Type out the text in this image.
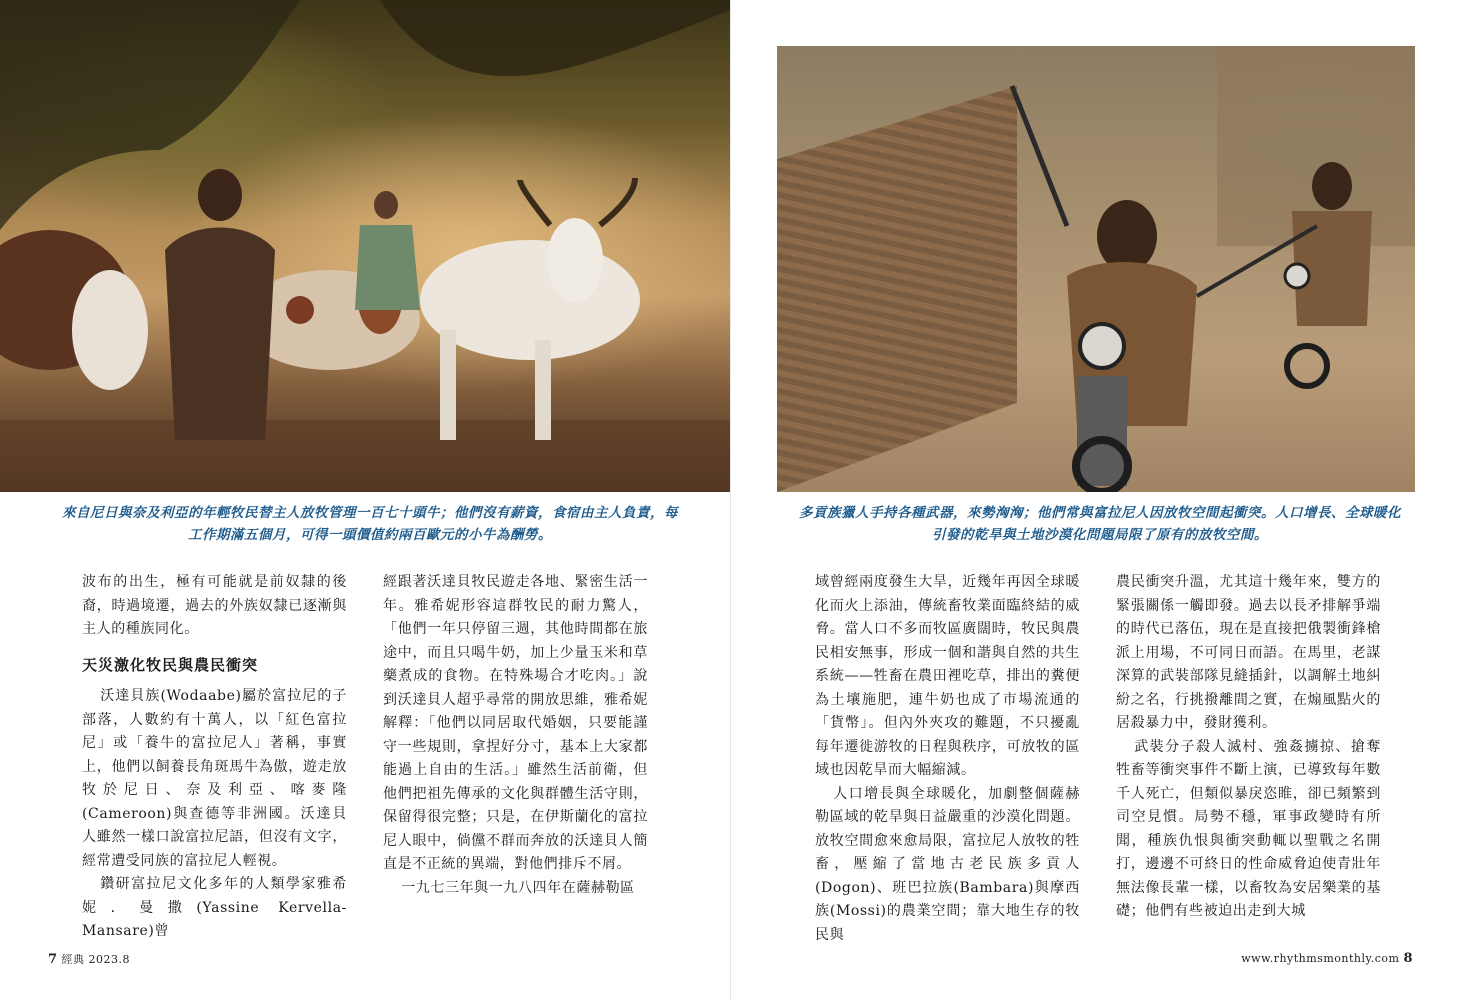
來自尼日與奈及利亞的年輕牧民替主人放牧管理一百七十頭牛；他們沒有薪資，食宿由主人負責，每工作期滿五個月，可得一頭價值約兩百歐元的小牛為酬勞。
多貢族獵人手持各種武器，來勢洶洶；他們常與富拉尼人因放牧空間起衝突。人口增長、全球暖化引發的乾旱與土地沙漠化問題局限了原有的放牧空間。

波布的出生，極有可能就是前奴隸的後裔，時過境遷，過去的外族奴隸已逐漸與主人的種族同化。

天災激化牧民與農民衝突

沃達貝族(Wodaabe)屬於富拉尼的子部落，人數約有十萬人，以「紅色富拉尼」或「養牛的富拉尼人」著稱，事實上，他們以飼養長角斑馬牛為傲，遊走放牧於尼日、奈及利亞、喀麥隆(Cameroon)與查德等非洲國。沃達貝人雖然一樣口說富拉尼語，但沒有文字，經常遭受同族的富拉尼人輕視。

鑽研富拉尼文化多年的人類學家雅希妮．曼撒(Yassine Kervella-Mansare)曾

經跟著沃達貝牧民遊走各地、緊密生活一年。雅希妮形容這群牧民的耐力驚人，「他們一年只停留三週，其他時間都在旅途中，而且只喝牛奶，加上少量玉米和草藥煮成的食物。在特殊場合才吃肉。」說到沃達貝人超乎尋常的開放思維，雅希妮解釋：「他們以同居取代婚姻，只要能謹守一些規則，拿捏好分寸，基本上大家都能過上自由的生活。」雖然生活前衛，但他們把祖先傳承的文化與群體生活守則，保留得很完整；只是，在伊斯蘭化的富拉尼人眼中，倘儻不群而奔放的沃達貝人簡直是不正統的異端，對他們排斥不屑。

一九七三年與一九八四年在薩赫勒區

域曾經兩度發生大旱，近幾年再因全球暖化而火上添油，傳統畜牧業面臨終結的威脅。當人口不多而牧區廣闊時，牧民與農民相安無事，形成一個和諧與自然的共生系統——牲畜在農田裡吃草，排出的糞便為土壤施肥，連牛奶也成了市場流通的「貨幣」。但內外夾攻的難題，不只擾亂每年遷徙游牧的日程與秩序，可放牧的區域也因乾旱而大幅縮減。

人口增長與全球暖化，加劇整個薩赫勒區域的乾旱與日益嚴重的沙漠化問題。放牧空間愈來愈局限，富拉尼人放牧的牲畜，壓縮了當地古老民族多貢人(Dogon)、班巴拉族(Bambara)與摩西族(Mossi)的農業空間；靠大地生存的牧民與

農民衝突升溫，尤其這十幾年來，雙方的緊張關係一觸即發。過去以長矛排解爭端的時代已落伍，現在是直接把俄製衝鋒槍派上用場，不可同日而語。在馬里，老謀深算的武裝部隊見縫插針，以調解土地糾紛之名，行挑撥離間之實，在煽風點火的居殺暴力中，發財獲利。

武裝分子殺人滅村、強姦擄掠、搶奪牲畜等衝突事件不斷上演，已導致每年數千人死亡，但類似暴戾恣睢，卻已頻繁到司空見慣。局勢不穩，軍事政變時有所聞，種族仇恨與衝突動輒以聖戰之名開打，邊邊不可終日的性命威脅迫使青壯年無法像長輩一樣，以畜牧為安居樂業的基礎；他們有些被迫出走到大城

7 經典 2023.8	www.rhythmsmonthly.com 8
